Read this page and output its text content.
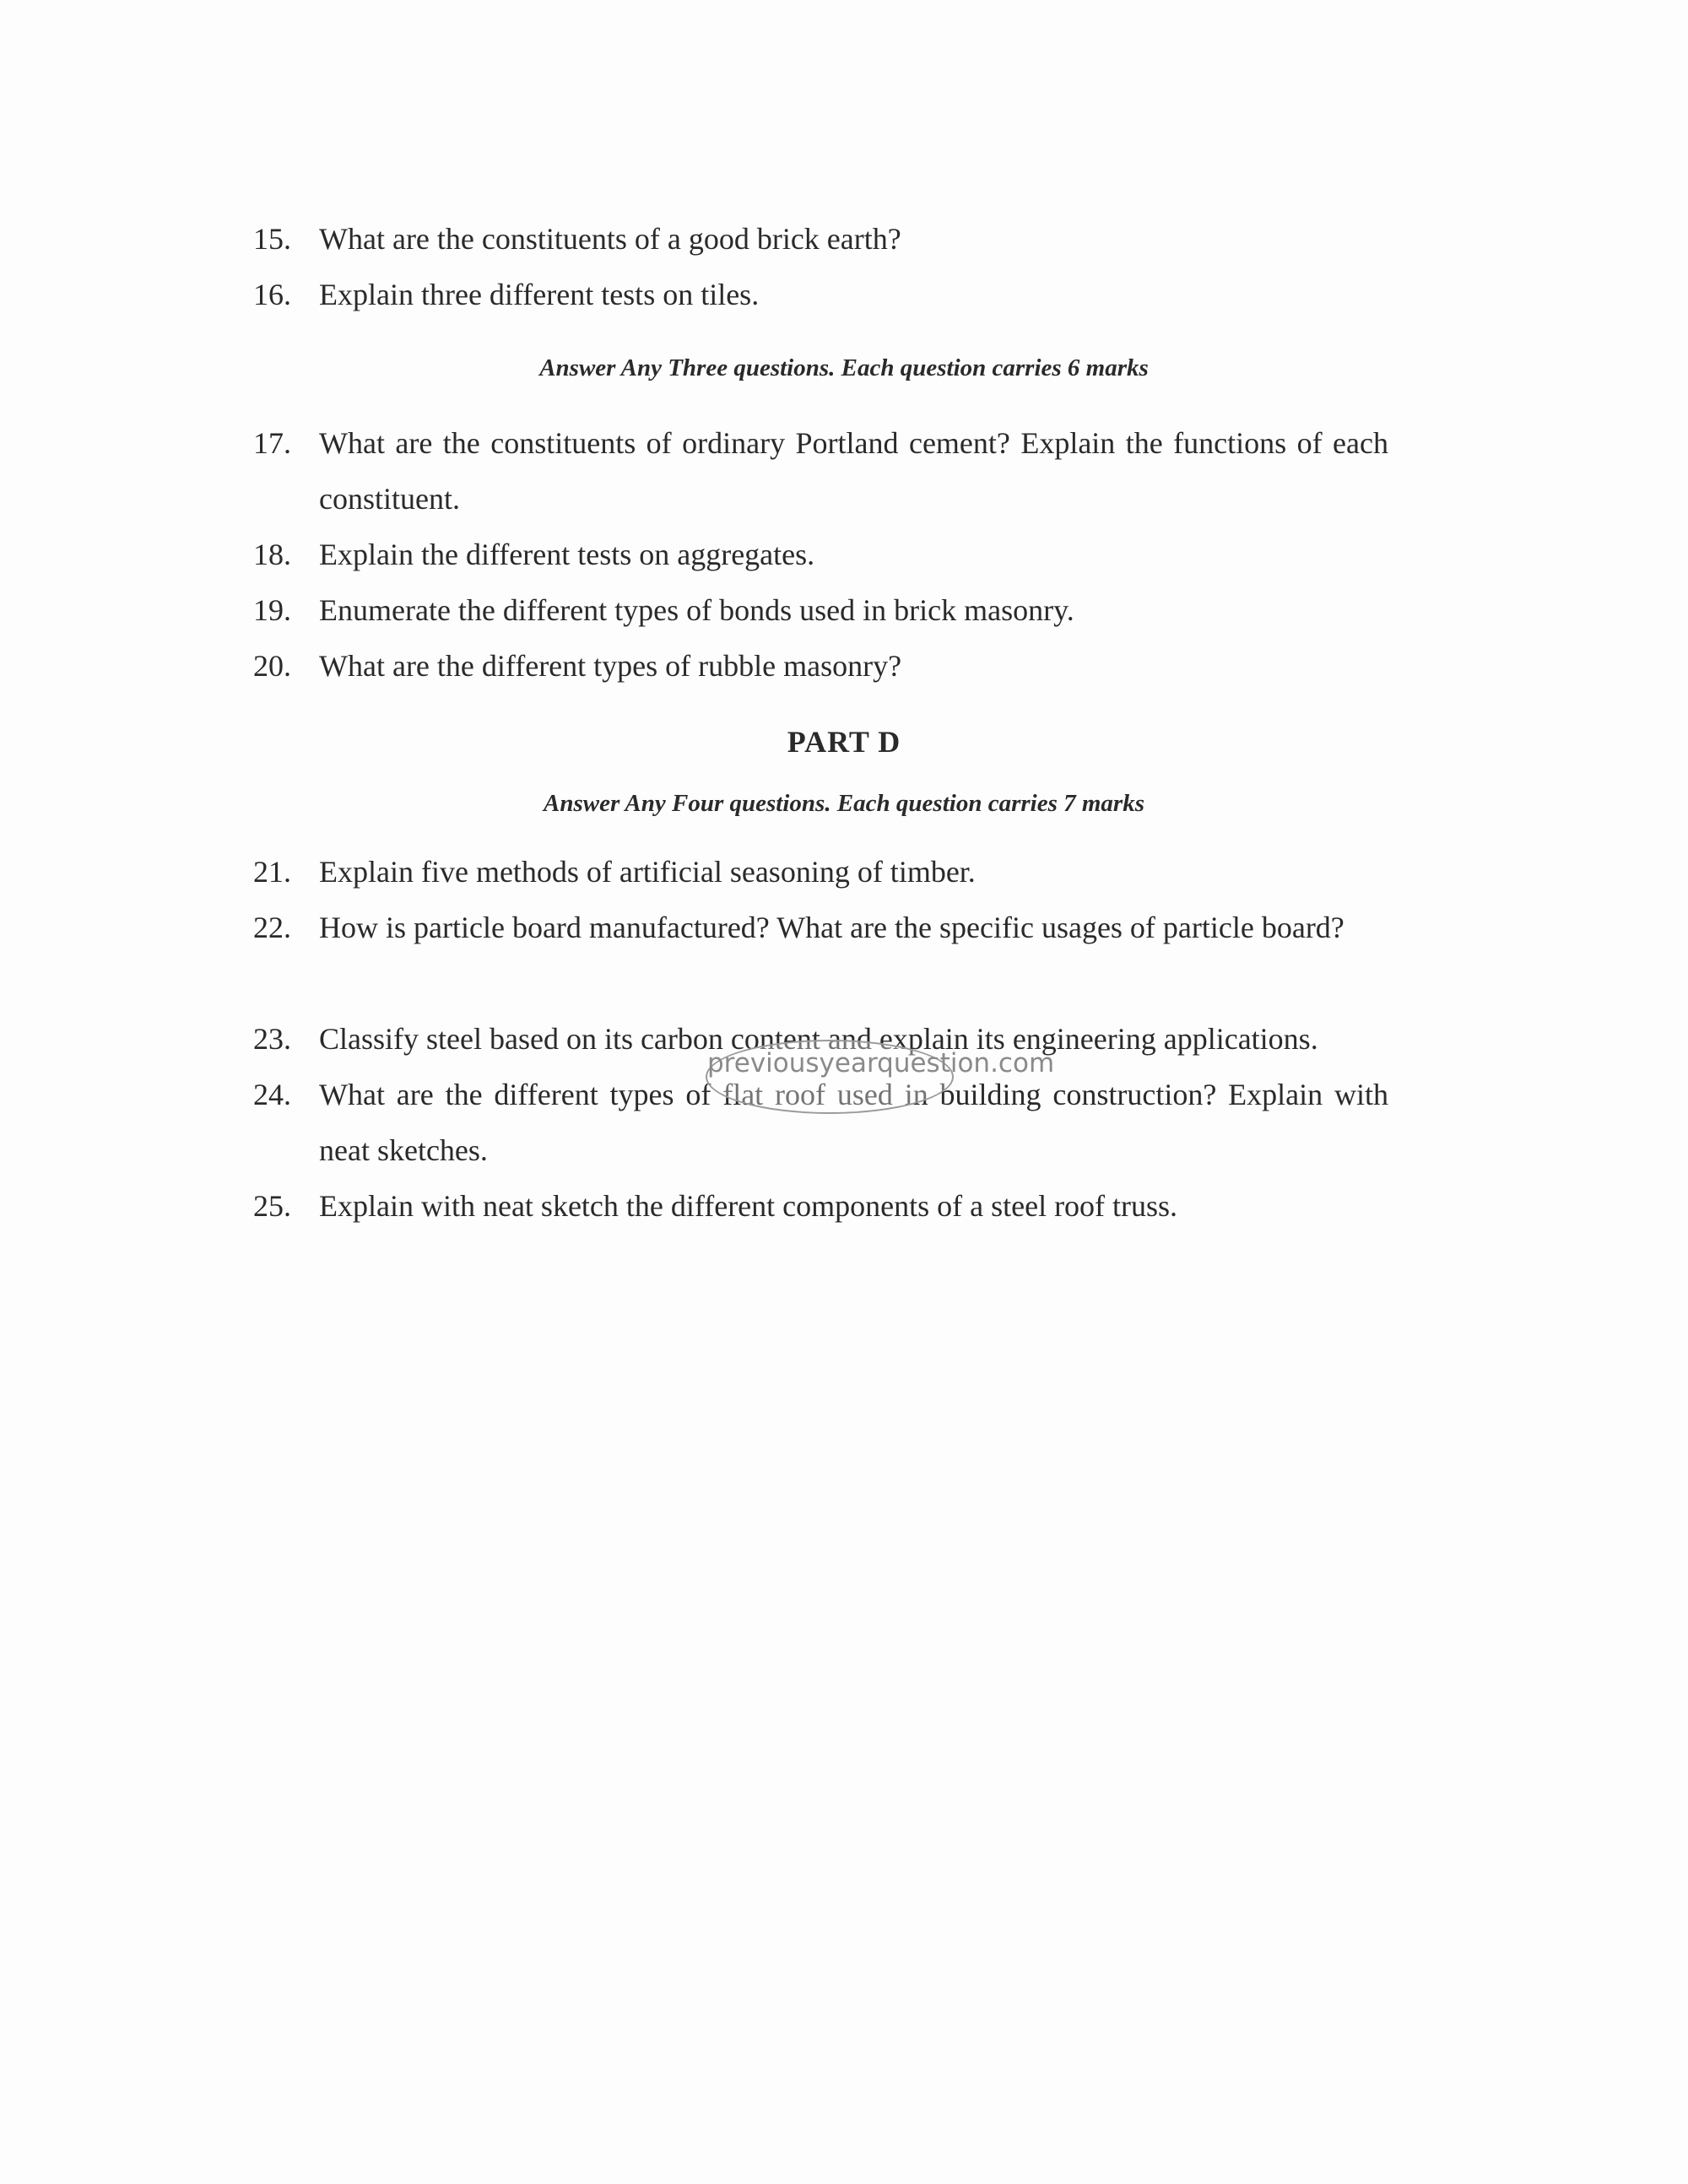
15. What are the constituents of a good brick earth?
16. Explain three different tests on tiles.
Answer Any Three questions. Each question carries 6 marks
17. What are the constituents of ordinary Portland cement? Explain the functions of each constituent.
18. Explain the different tests on aggregates.
19. Enumerate the different types of bonds used in brick masonry.
20. What are the different types of rubble masonry?
PART D
Answer Any Four questions. Each question carries 7 marks
21. Explain five methods of artificial seasoning of timber.
22. How is particle board manufactured? What are the specific usages of particle board?
23. Classify steel based on its carbon content and explain its engineering applications.
24. What are the different types of flat roof used in building construction? Explain with neat sketches.
25. Explain with neat sketch the different components of a steel roof truss.
previousyearquestion.com
